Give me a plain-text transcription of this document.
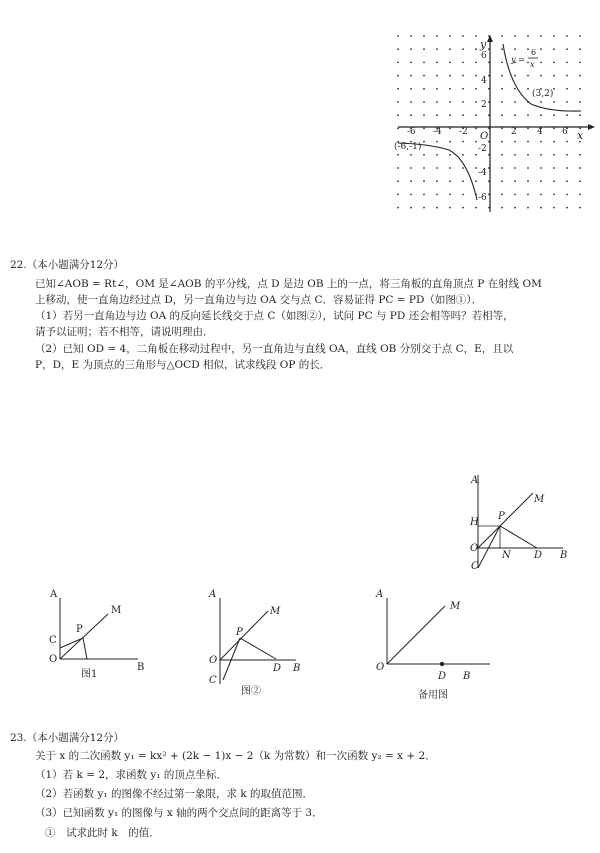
y
x
O
-6 -4 -2	2 4 6
6
4
2
-2
-4
-6
y =
6
x
(3,2)
(-6,-1)
22.（本小题满分12分）
已知∠AOB = Rt∠，OM 是∠AOB 的平分线，点 D 是边 OB 上的一点，将三角板的直角顶点 P 在射线 OM
上移动，使一直角边经过点 D，另一直角边与边 OA 交与点 C．容易证得 PC = PD（如图①）．
（1）若另一直角边与边 OA 的反向延长线交于点 C（如图②），试问 PC 与 PD 还会相等吗？若相等，
请予以证明；若不相等，请说明理由．
（2）已知 OD = 4，二角板在移动过程中，另一直角边与直线 OA，直线 OB 分别交于点 C，E，且以
P，D，E 为顶点的三角形与△OCD 相似，试求线段 OP 的长．
A
M
H
P
O
N D B
C
A
M
C
P
O
B
图1
A
M
P
O
C
D B
图②
A
M
O
D B
备用图
23.（本小题满分12分）
关于 x 的二次函数 y₁ = kx² + (2k − 1)x − 2（k 为常数）和一次函数 y₂ = x + 2．
（1）若 k = 2，求函数 y₁ 的顶点坐标．
（2）若函数 y₁ 的图像不经过第一象限，求 k 的取值范围．
（3）已知函数 y₁ 的图像与 x 轴的两个交点间的距离等于 3．
①　试求此时 k　的值．
